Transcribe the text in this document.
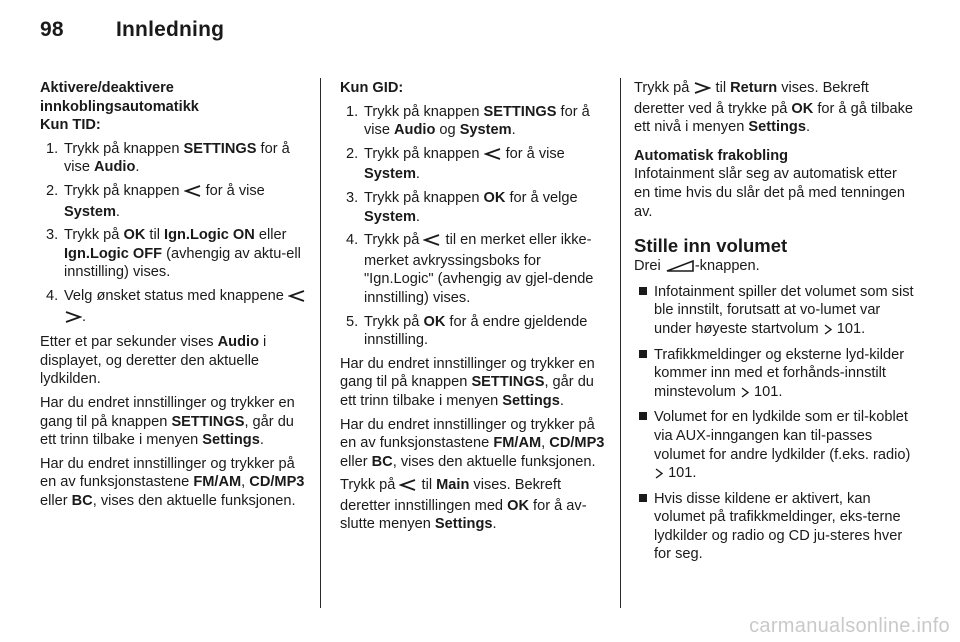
98	Innledning
Aktivere/deaktivere
innkoblingsautomatikk
Kun TID:
1. Trykk på knappen SETTINGS for å vise Audio.
2. Trykk på knappen  for å vise System.
3. Trykk på OK til Ign.Logic ON eller Ign.Logic OFF (avhengig av aktu-ell innstilling) vises.
4. Velg ønsket status med knappene  .

Etter et par sekunder vises Audio i displayet, og deretter den aktuelle lydkilden.

Har du endret innstillinger og trykker en gang til på knappen SETTINGS, går du ett trinn tilbake i menyen Settings.

Har du endret innstillinger og trykker på en av funksjonstastene FM/AM, CD/MP3 eller BC, vises den aktuelle funksjonen.

Kun GID:
1. Trykk på knappen SETTINGS for å vise Audio og System.
2. Trykk på knappen  for å vise System.
3. Trykk på knappen OK for å velge System.
4. Trykk på  til en merket eller ikke-merket avkryssingsboks for "Ign.Logic" (avhengig av gjel-dende innstilling) vises.
5. Trykk på OK for å endre gjeldende innstilling.

Har du endret innstillinger og trykker en gang til på knappen SETTINGS, går du ett trinn tilbake i menyen Settings.

Har du endret innstillinger og trykker på en av funksjonstastene FM/AM, CD/MP3 eller BC, vises den aktuelle funksjonen.

Trykk på  til Main vises. Bekreft deretter innstillingen med OK for å av-slutte menyen Settings.

Trykk på  til Return vises. Bekreft deretter ved å trykke på OK for å gå tilbake ett nivå i menyen Settings.

Automatisk frakobling

Infotainment slår seg av automatisk etter en time hvis du slår det på med tenningen av.

Stille inn volumet

Drei -knappen.

Infotainment spiller det volumet som sist ble innstilt, forutsatt at vo-lumet var under høyeste startvolum  101.
Trafikkmeldinger og eksterne lyd-kilder kommer inn med et forhånds-innstilt minstevolum  101.
Volumet for en lydkilde som er til-koblet via AUX-inngangen kan til-passes volumet for andre lydkilder (f.eks. radio)  101.
Hvis disse kildene er aktivert, kan volumet på trafikkmeldinger, eks-terne lydkilder og radio og CD ju-steres hver for seg.
carmanualsonline.info
